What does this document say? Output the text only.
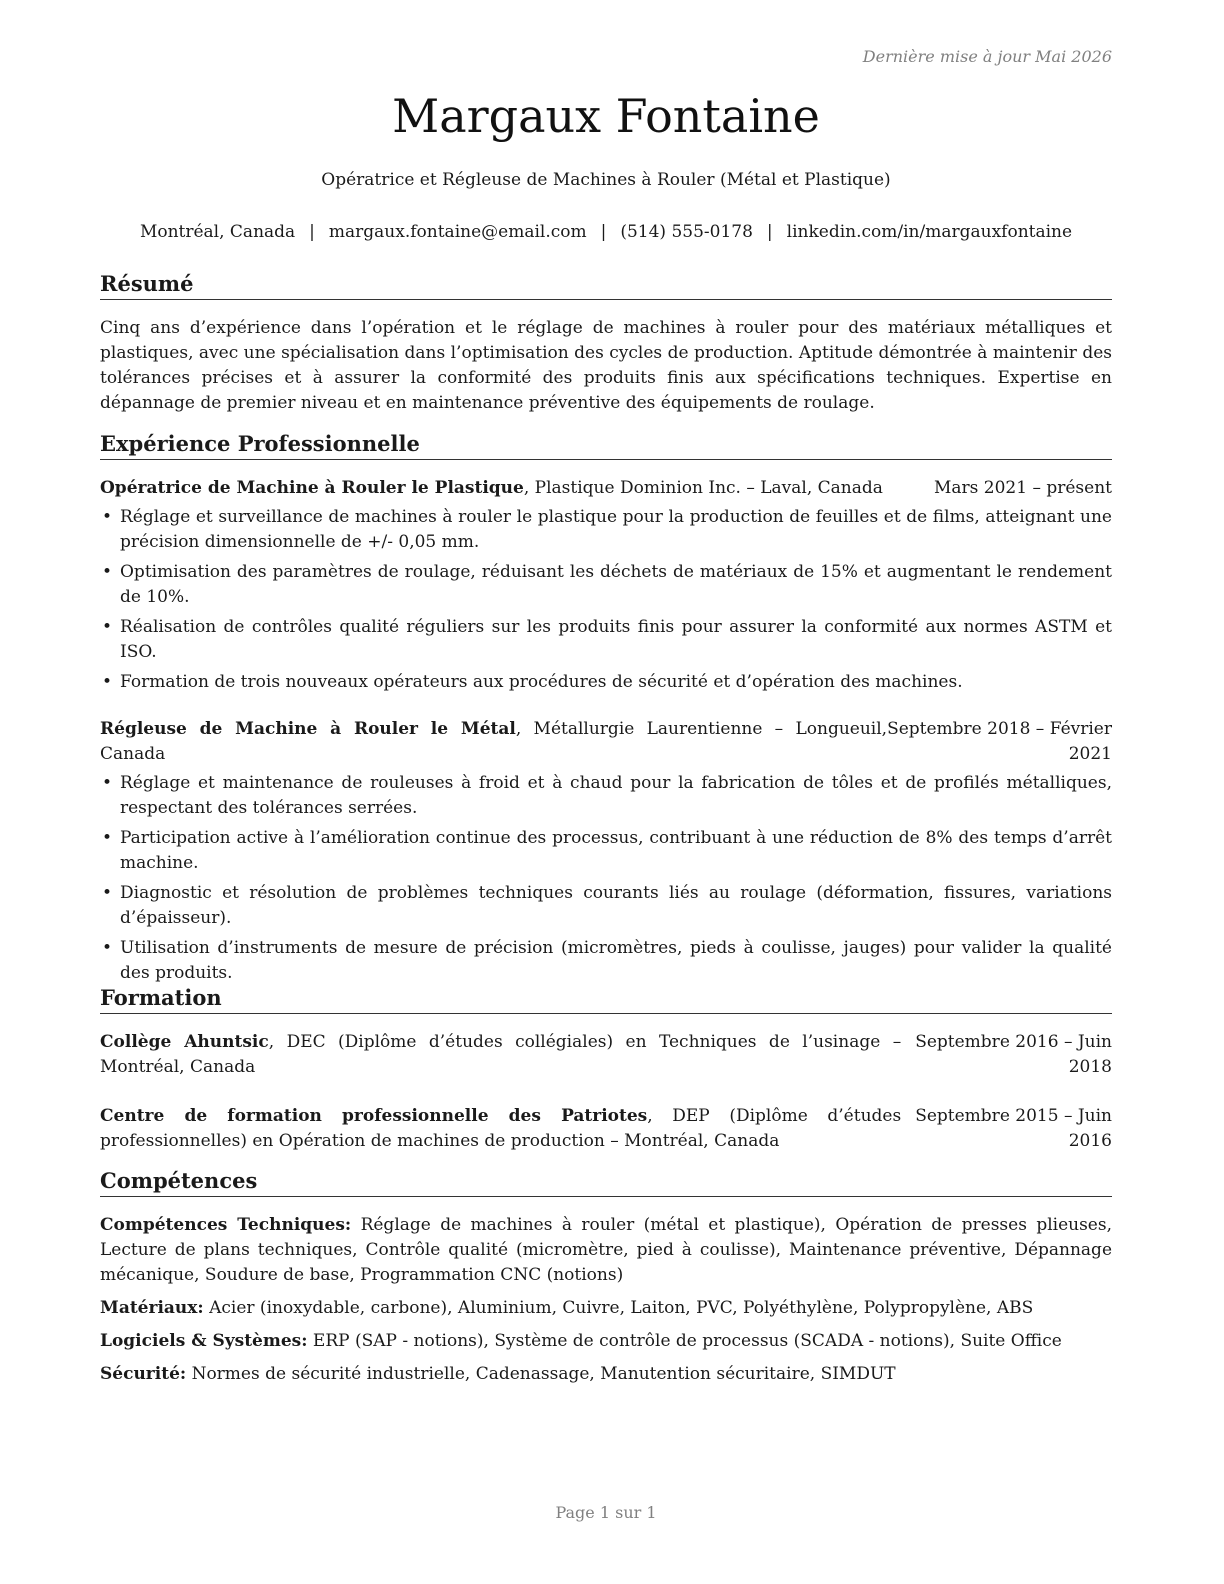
Dernière mise à jour Mai 2026
Margaux Fontaine
Opératrice et Régleuse de Machines à Rouler (Métal et Plastique)
Montréal, Canada | margaux.fontaine@email.com | (514) 555-0178 | linkedin.com/in/margauxfontaine
Résumé

Cinq ans d’expérience dans l’opération et le réglage de machines à rouler pour des matériaux métalliques et plastiques, avec une spécialisation dans l’optimisation des cycles de production. Aptitude démontrée à maintenir des tolérances précises et à assurer la conformité des produits finis aux spécifications techniques. Expertise en dépannage de premier niveau et en maintenance préventive des équipements de roulage.

Expérience Professionnelle
Opératrice de Machine à Rouler le Plastique, Plastique Dominion Inc. – Laval, Canada	Mars 2021 – présent
• Réglage et surveillance de machines à rouler le plastique pour la production de feuilles et de films, atteignant une précision dimensionnelle de +/- 0,05 mm.
• Optimisation des paramètres de roulage, réduisant les déchets de matériaux de 15% et augmentant le rendement de 10%.
• Réalisation de contrôles qualité réguliers sur les produits finis pour assurer la conformité aux normes ASTM et ISO.
• Formation de trois nouveaux opérateurs aux procédures de sécurité et d’opération des machines.
Régleuse de Machine à Rouler le Métal, Métallurgie Laurentienne – Longueuil, Canada
Septembre 2018 – Février
2021
• Réglage et maintenance de rouleuses à froid et à chaud pour la fabrication de tôles et de profilés métalliques, respectant des tolérances serrées.
• Participation active à l’amélioration continue des processus, contribuant à une réduction de 8% des temps d’arrêt machine.
• Diagnostic et résolution de problèmes techniques courants liés au roulage (déformation, fissures, variations d’épaisseur).
• Utilisation d’instruments de mesure de précision (micromètres, pieds à coulisse, jauges) pour valider la qualité des produits.
Formation
Collège Ahuntsic, DEC (Diplôme d’études collégiales) en Techniques de l’usinage – Montréal, Canada
Septembre 2016 – Juin
2018
Centre de formation professionnelle des Patriotes, DEP (Diplôme d’études professionnelles) en Opération de machines de production – Montréal, Canada
Septembre 2015 – Juin
2016
Compétences
Compétences Techniques: Réglage de machines à rouler (métal et plastique), Opération de presses plieuses, Lecture de plans techniques, Contrôle qualité (micromètre, pied à coulisse), Maintenance préventive, Dépannage mécanique, Soudure de base, Programmation CNC (notions)
Matériaux: Acier (inoxydable, carbone), Aluminium, Cuivre, Laiton, PVC, Polyéthylène, Polypropylène, ABS
Logiciels & Systèmes: ERP (SAP - notions), Système de contrôle de processus (SCADA - notions), Suite Office
Sécurité: Normes de sécurité industrielle, Cadenassage, Manutention sécuritaire, SIMDUT
Page 1 sur 1
